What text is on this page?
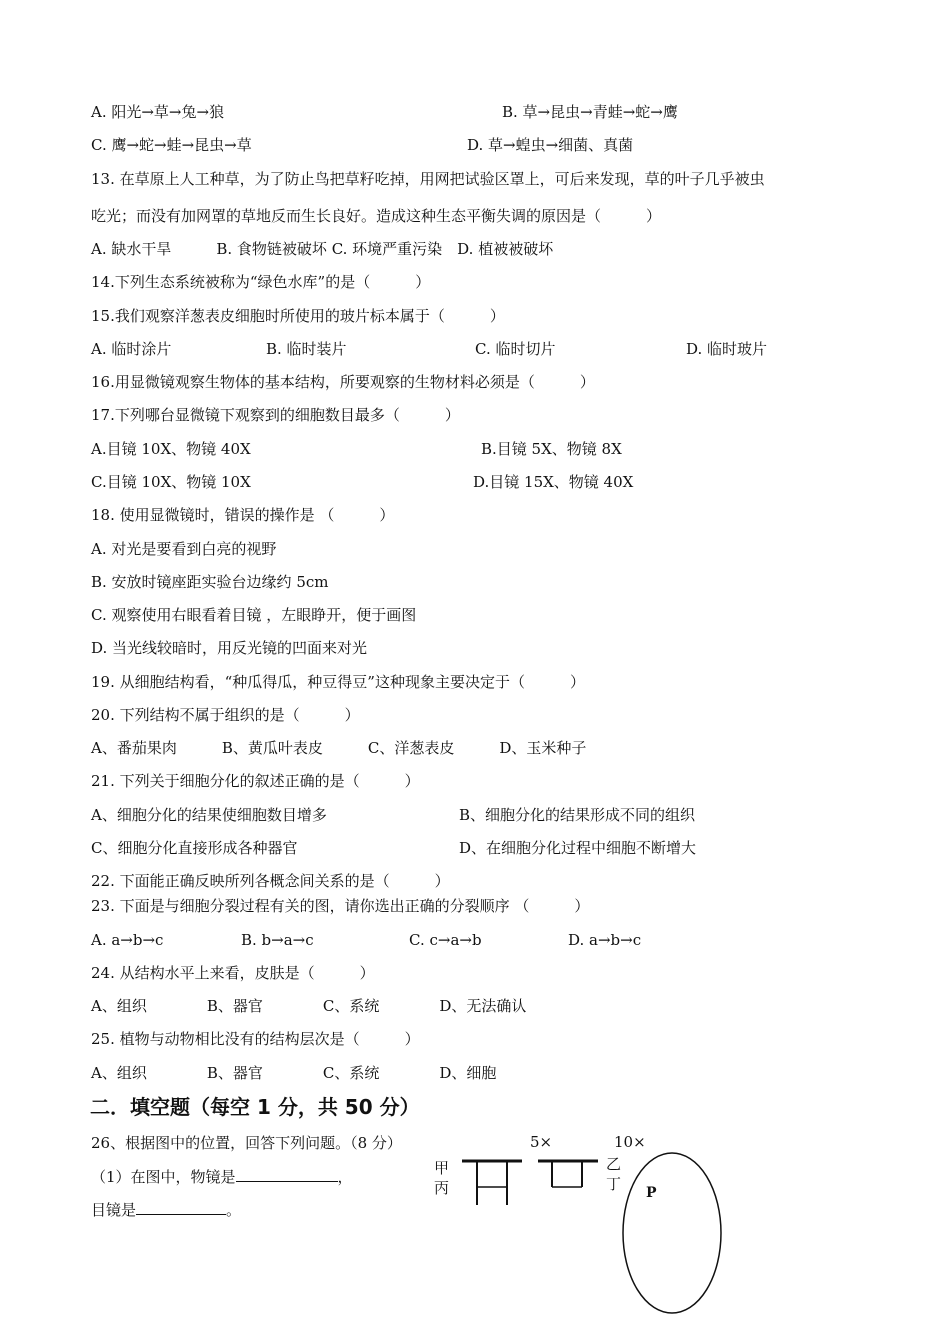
A. 阳光→草→兔→狼	B. 草→昆虫→青蛙→蛇→鹰
C. 鹰→蛇→蛙→昆虫→草	D. 草→蝗虫→细菌、真菌
13. 在草原上人工种草，为了防止鸟把草籽吃掉，用网把试验区罩上，可后来发现，草的叶子几乎被虫
吃光；而没有加网罩的草地反而生长良好。造成这种生态平衡失调的原因是（　　　）
A. 缺水干旱　　　B. 食物链被破坏 C. 环境严重污染　D. 植被被破坏
14.下列生态系统被称为“绿色水库”的是（　　　）
15.我们观察洋葱表皮细胞时所使用的玻片标本属于（　　　）
A. 临时涂片	B. 临时装片	C. 临时切片	D. 临时玻片
16.用显微镜观察生物体的基本结构，所要观察的生物材料必须是（　　　）
17.下列哪台显微镜下观察到的细胞数目最多（　　　）
A.目镜 10X、物镜 40X	B.目镜 5X、物镜 8X
C.目镜 10X、物镜 10X	D.目镜 15X、物镜 40X
18. 使用显微镜时，错误的操作是 （　　　）
A. 对光是要看到白亮的视野
B. 安放时镜座距实验台边缘约 5cm
C. 观察使用右眼看着目镜 ，左眼睁开，便于画图
D. 当光线较暗时，用反光镜的凹面来对光
19. 从细胞结构看，“种瓜得瓜，种豆得豆”这种现象主要决定于（　　　）
20. 下列结构不属于组织的是（　　　）
A、番茄果肉　　　B、黄瓜叶表皮　　　C、洋葱表皮　　　D、玉米种子
21. 下列关于细胞分化的叙述正确的是（　　　）
A、细胞分化的结果使细胞数目增多	B、细胞分化的结果形成不同的组织
C、细胞分化直接形成各种器官	D、在细胞分化过程中细胞不断增大
22. 下面能正确反映所列各概念间关系的是（　　　）
23. 下面是与细胞分裂过程有关的图，请你选出正确的分裂顺序 （　　　）
A. a→b→c	B. b→a→c	C. c→a→b	D. a→b→c
24. 从结构水平上来看，皮肤是（　　　）
A、组织　　　　B、器官　　　　C、系统　　　　D、无法确认
25. 植物与动物相比没有的结构层次是（　　　）
A、组织　　　　B、器官　　　　C、系统　　　　D、细胞
二．填空题（每空 1 分，共 50 分）
26、根据图中的位置，回答下列问题。（8 分）
（1）在图中，物镜是	，
目镜是	。
5×	10×
甲
丙
乙
丁 P
